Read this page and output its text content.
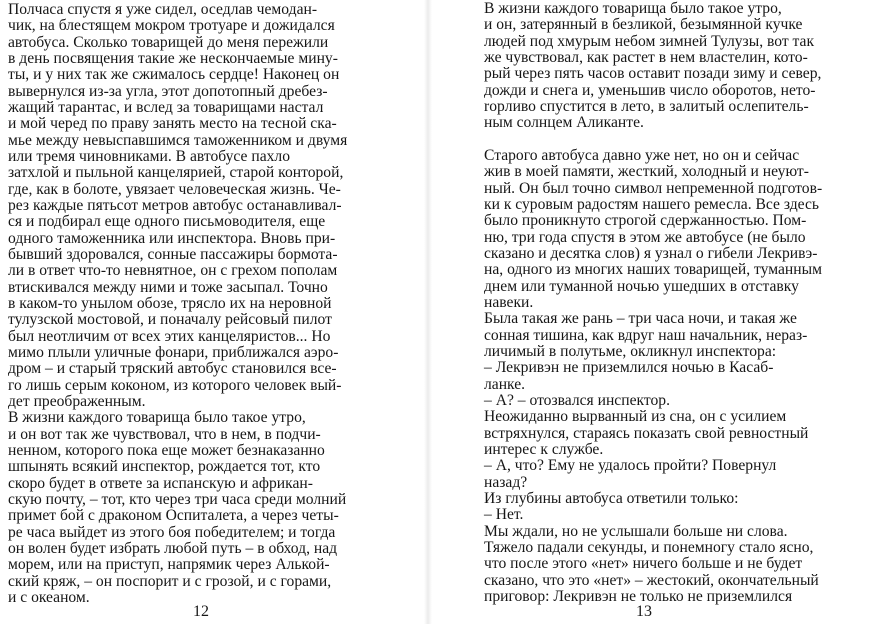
Полчаса спустя я уже сидел, оседлав чемодан-
чик, на блестящем мокром тротуаре и дожидался
автобуса. Сколько товарищей до меня пережили
в день посвящения такие же нескончаемые мину-
ты, и у них так же сжималось сердце! Наконец он
вывернулся из-за угла, этот допотопный дребез-
жащий тарантас, и вслед за товарищами настал
и мой черед по праву занять место на тесной ска-
мье между невыспавшимся таможенником и двумя
или тремя чиновниками. В автобусе пахло
затхлой и пыльной канцелярией, старой конторой,
где, как в болоте, увязает человеческая жизнь. Че-
рез каждые пятьсот метров автобус останавливал-
ся и подбирал еще одного письмоводителя, еще
одного таможенника или инспектора. Вновь при-
бывший здоровался, сонные пассажиры бормота-
ли в ответ что-то невнятное, он с грехом пополам
втискивался между ними и тоже засыпал. Точно
в каком-то унылом обозе, трясло их на неровной
тулузской мостовой, и поначалу рейсовый пилот
был неотличим от всех этих канцеляристов... Но
мимо плыли уличные фонари, приближался аэро-
дром – и старый тряский автобус становился все-
го лишь серым коконом, из которого человек вый-
дет преображенным.
В жизни каждого товарища было такое утро,
и он вот так же чувствовал, что в нем, в подчи-
ненном, которого пока еще может безнаказанно
шпынять всякий инспектор, рождается тот, кто
скоро будет в ответе за испанскую и африкан-
скую почту, – тот, кто через три часа среди молний
примет бой с драконом Оспиталета, а через четы-
ре часа выйдет из этого боя победителем; и тогда
он волен будет избрать любой путь – в обход, над
морем, или на приступ, напрямик через Алькой-
ский кряж, – он поспорит и с грозой, и с горами,
и с океаном.
12
В жизни каждого товарища было такое утро,
и он, затерянный в безликой, безымянной кучке
людей под хмурым небом зимней Тулузы, вот так
же чувствовал, как растет в нем властелин, кото-
рый через пять часов оставит позади зиму и север,
дожди и снега и, уменьшив число оборотов, нето-
ropливо спустится в лето, в залитый ослепитель-
ным солнцем Аликанте.
Старого автобуса давно уже нет, но он и сейчас
жив в моей памяти, жесткий, холодный и неуют-
ный. Он был точно символ непременной подготов-
ки к суровым радостям нашего ремесла. Все здесь
было проникнуто строгой сдержанностью. Пом-
ню, три года спустя в этом же автобусе (не было
сказано и десятка слов) я узнал о гибели Лекривэ-
на, одного из многих наших товарищей, туманным
днем или туманной ночью ушедших в отставку
навеки.
Была такая же рань – три часа ночи, и такая же
сонная тишина, как вдруг наш начальник, нераз-
личимый в полутьме, окликнул инспектора:
– Лекривэн не приземлился ночью в Касаб-
ланке.
– А? – отозвался инспектор.
Неожиданно вырванный из сна, он с усилием
встряхнулся, стараясь показать свой ревностный
интерес к службе.
– А, что? Ему не удалось пройти? Повернул
назад?
Из глубины автобуса ответили только:
– Нет.
Мы ждали, но не услышали больше ни слова.
Тяжело падали секунды, и понемногу стало ясно,
что после этого «нет» ничего больше и не будет
сказано, что это «нет» – жестокий, окончательный
приговор: Лекривэн не только не приземлился
13
